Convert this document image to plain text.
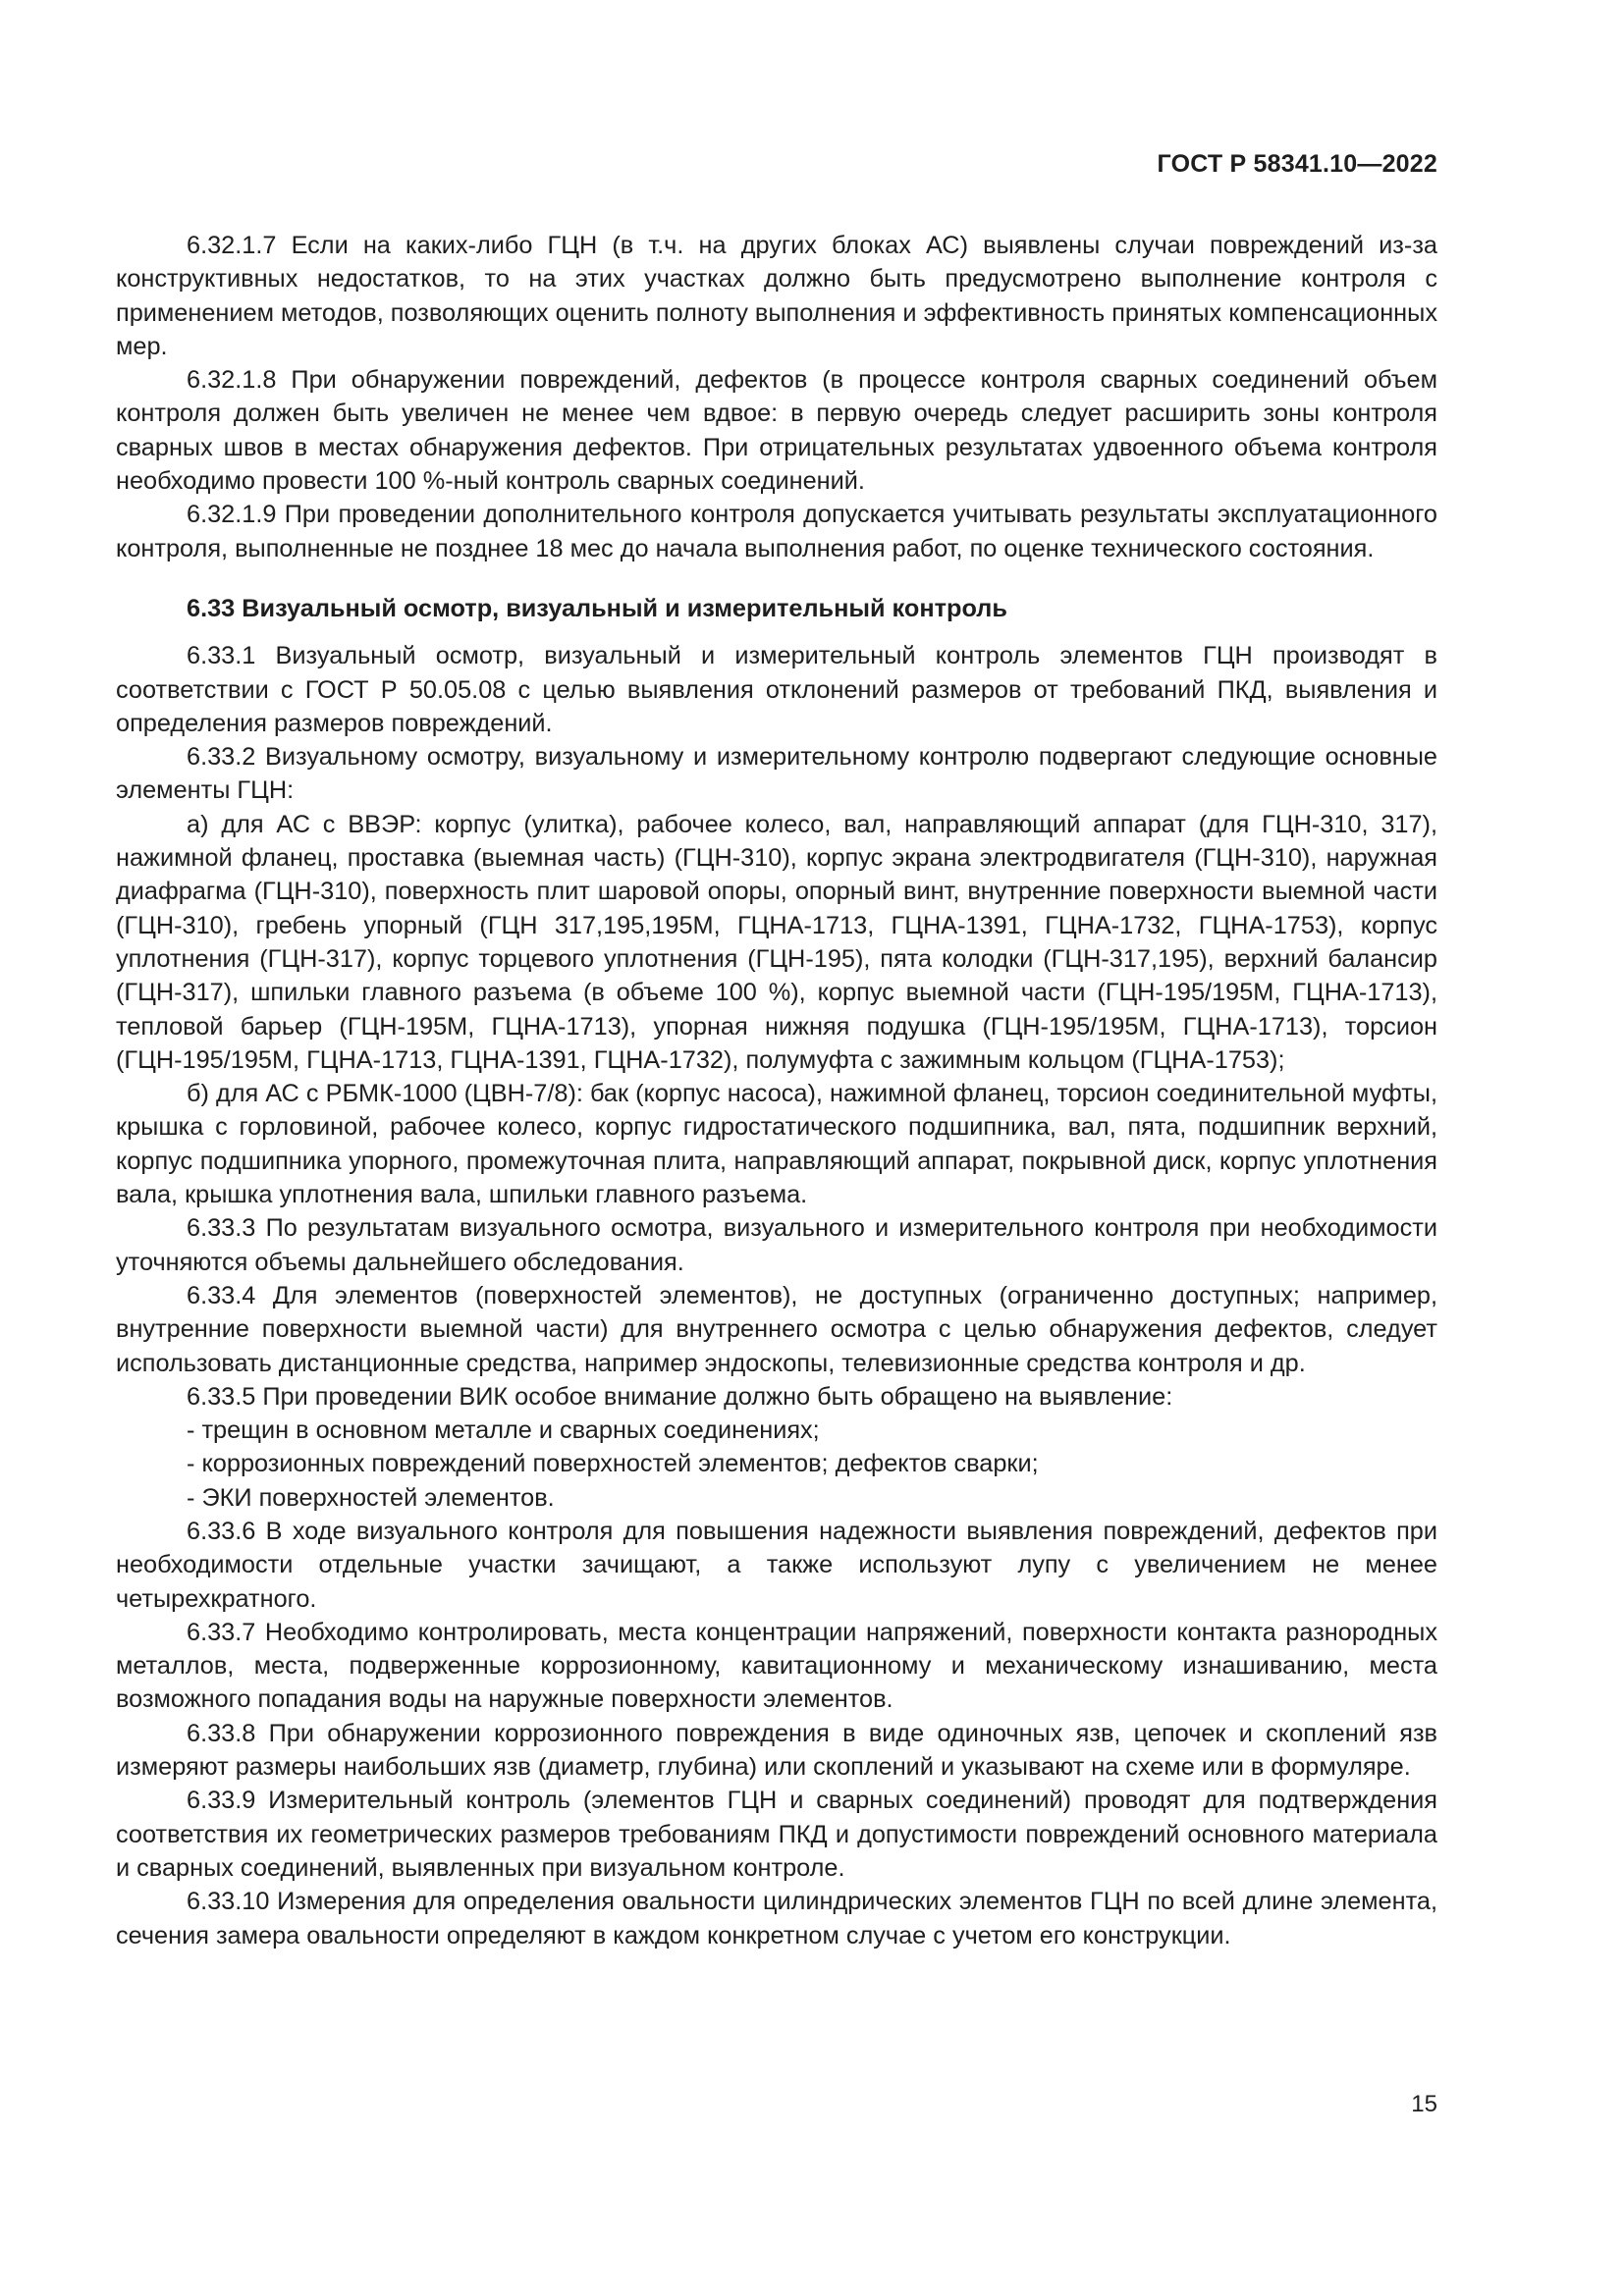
ГОСТ Р 58341.10—2022

6.32.1.7 Если на каких-либо ГЦН (в т.ч. на других блоках АС) выявлены случаи повреждений из-за конструктивных недостатков, то на этих участках должно быть предусмотрено выполнение контроля с применением методов, позволяющих оценить полноту выполнения и эффективность принятых компенсационных мер.

6.32.1.8 При обнаружении повреждений, дефектов (в процессе контроля сварных соединений объем контроля должен быть увеличен не менее чем вдвое: в первую очередь следует расширить зоны контроля сварных швов в местах обнаружения дефектов. При отрицательных результатах удвоенного объема контроля необходимо провести 100 %-ный контроль сварных соединений.

6.32.1.9 При проведении дополнительного контроля допускается учитывать результаты эксплуатационного контроля, выполненные не позднее 18 мес до начала выполнения работ, по оценке технического состояния.

6.33 Визуальный осмотр, визуальный и измерительный контроль

6.33.1 Визуальный осмотр, визуальный и измерительный контроль элементов ГЦН производят в соответствии с ГОСТ Р 50.05.08 с целью выявления отклонений размеров от требований ПКД, выявления и определения размеров повреждений.

6.33.2 Визуальному осмотру, визуальному и измерительному контролю подвергают следующие основные элементы ГЦН:

а) для АС с ВВЭР: корпус (улитка), рабочее колесо, вал, направляющий аппарат (для ГЦН-310, 317), нажимной фланец, проставка (выемная часть) (ГЦН-310), корпус экрана электродвигателя (ГЦН-310), наружная диафрагма (ГЦН-310), поверхность плит шаровой опоры, опорный винт, внутренние поверхности выемной части (ГЦН-310), гребень упорный (ГЦН 317,195,195М, ГЦНА-1713, ГЦНА-1391, ГЦНА-1732, ГЦНА-1753), корпус уплотнения (ГЦН-317), корпус торцевого уплотнения (ГЦН-195), пята колодки (ГЦН-317,195), верхний балансир (ГЦН-317), шпильки главного разъема (в объеме 100 %), корпус выемной части (ГЦН-195/195М, ГЦНА-1713), тепловой барьер (ГЦН-195М, ГЦНА-1713), упорная нижняя подушка (ГЦН-195/195М, ГЦНА-1713), торсион (ГЦН-195/195М, ГЦНА-1713, ГЦНА-1391, ГЦНА-1732), полумуфта с зажимным кольцом (ГЦНА-1753);

б) для АС с РБМК-1000 (ЦВН-7/8): бак (корпус насоса), нажимной фланец, торсион соединительной муфты, крышка с горловиной, рабочее колесо, корпус гидростатического подшипника, вал, пята, подшипник верхний, корпус подшипника упорного, промежуточная плита, направляющий аппарат, покрывной диск, корпус уплотнения вала, крышка уплотнения вала, шпильки главного разъема.

6.33.3 По результатам визуального осмотра, визуального и измерительного контроля при необходимости уточняются объемы дальнейшего обследования.

6.33.4 Для элементов (поверхностей элементов), не доступных (ограниченно доступных; например, внутренние поверхности выемной части) для внутреннего осмотра с целью обнаружения дефектов, следует использовать дистанционные средства, например эндоскопы, телевизионные средства контроля и др.

6.33.5 При проведении ВИК особое внимание должно быть обращено на выявление:

- трещин в основном металле и сварных соединениях;

- коррозионных повреждений поверхностей элементов; дефектов сварки;

- ЭКИ поверхностей элементов.

6.33.6 В ходе визуального контроля для повышения надежности выявления повреждений, дефектов при необходимости отдельные участки зачищают, а также используют лупу с увеличением не менее четырехкратного.

6.33.7 Необходимо контролировать, места концентрации напряжений, поверхности контакта разнородных металлов, места, подверженные коррозионному, кавитационному и механическому изнашиванию, места возможного попадания воды на наружные поверхности элементов.

6.33.8 При обнаружении коррозионного повреждения в виде одиночных язв, цепочек и скоплений язв измеряют размеры наибольших язв (диаметр, глубина) или скоплений и указывают на схеме или в формуляре.

6.33.9 Измерительный контроль (элементов ГЦН и сварных соединений) проводят для подтверждения соответствия их геометрических размеров требованиям ПКД и допустимости повреждений основного материала и сварных соединений, выявленных при визуальном контроле.

6.33.10 Измерения для определения овальности цилиндрических элементов ГЦН по всей длине элемента, сечения замера овальности определяют в каждом конкретном случае с учетом его конструкции.

15
